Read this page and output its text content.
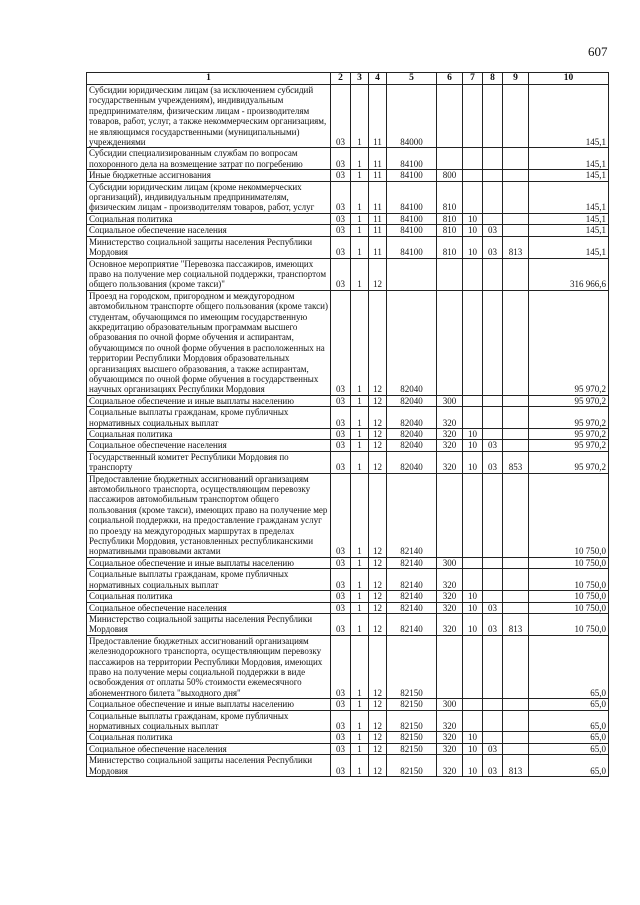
607
1	2	3	4	5	6	7	8	9	10
Субсидии юридическим лицам (за исключением субсидий государственным учреждениям), индивидуальным предпринимателям, физическим лицам - производителям товаров, работ, услуг, а также некоммерческим организациям, не являющимся государственными (муниципальными) учреждениями	03	1	11	84000					145,1
Субсидии специализированным службам по вопросам похоронного дела на возмещение затрат по погребению	03	1	11	84100					145,1
Иные бюджетные ассигнования	03	1	11	84100	800				145,1
Субсидии юридическим лицам (кроме некоммерческих организаций), индивидуальным предпринимателям, физическим лицам - производителям товаров, работ, услуг	03	1	11	84100	810				145,1
Социальная политика	03	1	11	84100	810	10			145,1
Социальное обеспечение населения	03	1	11	84100	810	10	03		145,1
Министерство социальной защиты населения Республики Мордовия	03	1	11	84100	810	10	03	813	145,1
Основное мероприятие "Перевозка пассажиров, имеющих право на получение мер социальной поддержки, транспортом общего пользования (кроме такси)"	03	1	12						316 966,6
Проезд на городском, пригородном и междугородном автомобильном транспорте общего пользования (кроме такси) студентам, обучающимся по имеющим государственную аккредитацию образовательным программам высшего образования по очной форме обучения и аспирантам, обучающимся по очной форме обучения в расположенных на территории Республики Мордовия образовательных организациях высшего образования, а также аспирантам, обучающимся по очной форме обучения в государственных научных организациях Республики Мордовия	03	1	12	82040					95 970,2
Социальное обеспечение и иные выплаты населению	03	1	12	82040	300				95 970,2
Социальные выплаты гражданам, кроме публичных нормативных социальных выплат	03	1	12	82040	320				95 970,2
Социальная политика	03	1	12	82040	320	10			95 970,2
Социальное обеспечение населения	03	1	12	82040	320	10	03		95 970,2
Государственный комитет Республики Мордовия по транспорту	03	1	12	82040	320	10	03	853	95 970,2
Предоставление бюджетных ассигнований организациям автомобильного транспорта, осуществляющим перевозку пассажиров автомобильным транспортом общего пользования (кроме такси), имеющих право на получение мер социальной поддержки, на предоставление гражданам услуг по проезду на междугородных маршрутах в пределах Республики Мордовия, установленных республиканскими нормативными правовыми актами	03	1	12	82140					10 750,0
Социальное обеспечение и иные выплаты населению	03	1	12	82140	300				10 750,0
Социальные выплаты гражданам, кроме публичных нормативных социальных выплат	03	1	12	82140	320				10 750,0
Социальная политика	03	1	12	82140	320	10			10 750,0
Социальное обеспечение населения	03	1	12	82140	320	10	03		10 750,0
Министерство социальной защиты населения Республики Мордовия	03	1	12	82140	320	10	03	813	10 750,0
Предоставление бюджетных ассигнований организациям железнодорожного транспорта, осуществляющим перевозку пассажиров на территории Республики Мордовия, имеющих право на получение меры социальной поддержки в виде освобождения от оплаты 50% стоимости ежемесячного абонементного билета "выходного дня"	03	1	12	82150					65,0
Социальное обеспечение и иные выплаты населению	03	1	12	82150	300				65,0
Социальные выплаты гражданам, кроме публичных нормативных социальных выплат	03	1	12	82150	320				65,0
Социальная политика	03	1	12	82150	320	10			65,0
Социальное обеспечение населения	03	1	12	82150	320	10	03		65,0
Министерство социальной защиты населения Республики Мордовия	03	1	12	82150	320	10	03	813	65,0
